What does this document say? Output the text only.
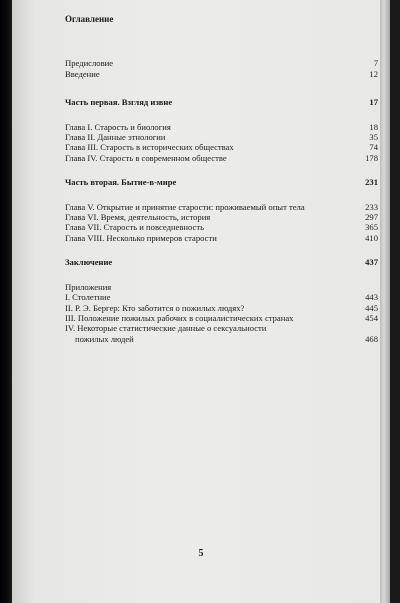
Оглавление
Предисловие	7
Введение	12
Часть первая. Взгляд извне	17
Глава I. Старость и биология	18
Глава II. Данные этнологии	35
Глава III. Старость в исторических обществах	74
Глава IV. Старость в современном обществе	178
Часть вторая. Бытие-в-мире	231
Глава V. Открытие и принятие старости: проживаемый опыт тела	233
Глава VI. Время, деятельность, история	297
Глава VII. Старость и повседневность	365
Глава VIII. Несколько примеров старости	410
Заключение	437
Приложения
I. Столетние	443
II. Р. Э. Бергер: Кто заботится о пожилых людях?	445
III. Положение пожилых рабочих в социалистических странах	454
IV. Некоторые статистические данные о сексуальности
пожилых людей	468
5
